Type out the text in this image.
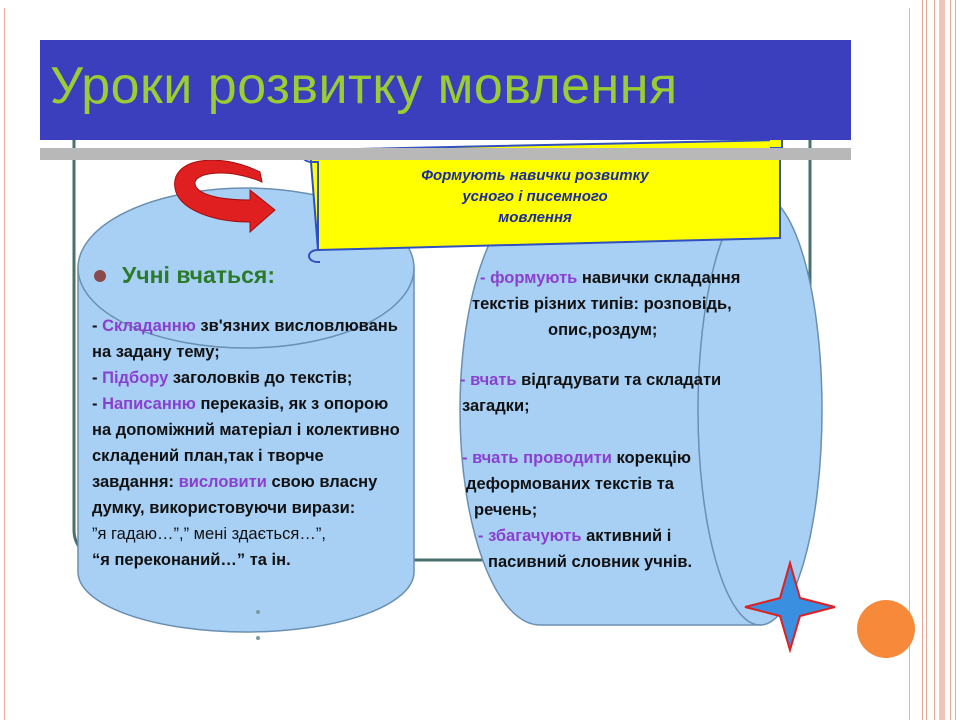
Уроки розвитку мовлення
Формують навички розвитку
усного і писемного
мовлення
Учні вчаться:
- Складанню зв'язних висловлювань
на задану тему;
- Підбору заголовків до текстів;
- Написанню переказів, як з опорою
на допоміжний матеріал і колективно
складений план,так і творче
завдання: висловити свою власну
думку, використовуючи вирази:
”я гадаю…”,” мені здається…”,
“я переконаний…” та ін.
- формують навички складання
текстів різних типів: розповідь,
опис,роздум;
- вчать відгадувати та складати
загадки;
- вчать проводити корекцію
деформованих текстів та
речень;
- збагачують активний і
пасивний словник учнів.
